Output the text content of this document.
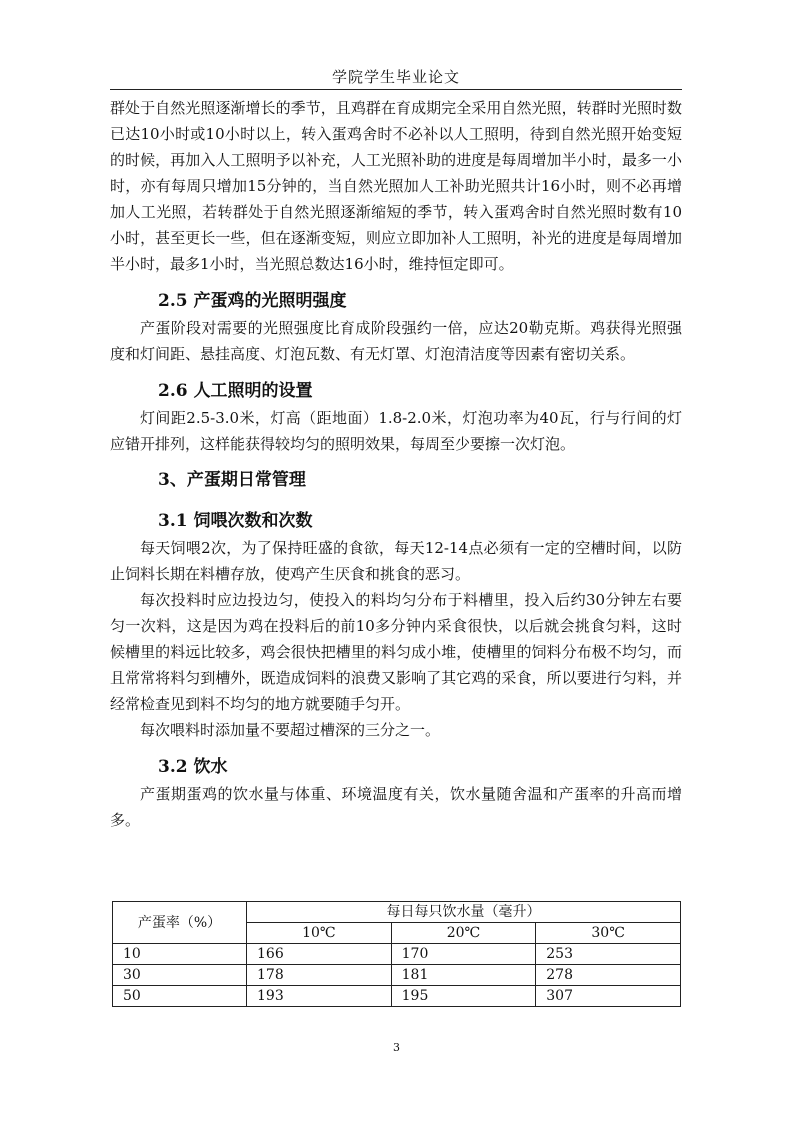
学院学生毕业论文

群处于自然光照逐渐增长的季节，且鸡群在育成期完全采用自然光照，转群时光照时数已达10小时或10小时以上，转入蛋鸡舍时不必补以人工照明，待到自然光照开始变短的时候，再加入人工照明予以补充，人工光照补助的进度是每周增加半小时，最多一小时，亦有每周只增加15分钟的，当自然光照加人工补助光照共计16小时，则不必再增加人工光照，若转群处于自然光照逐渐缩短的季节，转入蛋鸡舍时自然光照时数有10小时，甚至更长一些，但在逐渐变短，则应立即加补人工照明，补光的进度是每周增加半小时，最多1小时，当光照总数达16小时，维持恒定即可。

2.5 产蛋鸡的光照明强度

产蛋阶段对需要的光照强度比育成阶段强约一倍，应达20勒克斯。鸡获得光照强度和灯间距、悬挂高度、灯泡瓦数、有无灯罩、灯泡清洁度等因素有密切关系。

2.6 人工照明的设置

灯间距2.5-3.0米，灯高（距地面）1.8-2.0米，灯泡功率为40瓦，行与行间的灯应错开排列，这样能获得较均匀的照明效果，每周至少要擦一次灯泡。

3、产蛋期日常管理
3.1 饲喂次数和次数

每天饲喂2次，为了保持旺盛的食欲，每天12-14点必须有一定的空槽时间，以防止饲料长期在料槽存放，使鸡产生厌食和挑食的恶习。

每次投料时应边投边匀，使投入的料均匀分布于料槽里，投入后约30分钟左右要匀一次料，这是因为鸡在投料后的前10多分钟内采食很快，以后就会挑食匀料，这时候槽里的料远比较多，鸡会很快把槽里的料匀成小堆，使槽里的饲料分布极不均匀，而且常常将料匀到槽外，既造成饲料的浪费又影响了其它鸡的采食，所以要进行匀料，并经常检查见到料不均匀的地方就要随手匀开。

每次喂料时添加量不要超过槽深的三分之一。

3.2 饮水

产蛋期蛋鸡的饮水量与体重、环境温度有关，饮水量随舍温和产蛋率的升高而增多。

产蛋率（%）	每日每只饮水量（毫升）		
	10℃	20℃	30℃
10	166	170	253
30	178	181	278
50	193	195	307
3
